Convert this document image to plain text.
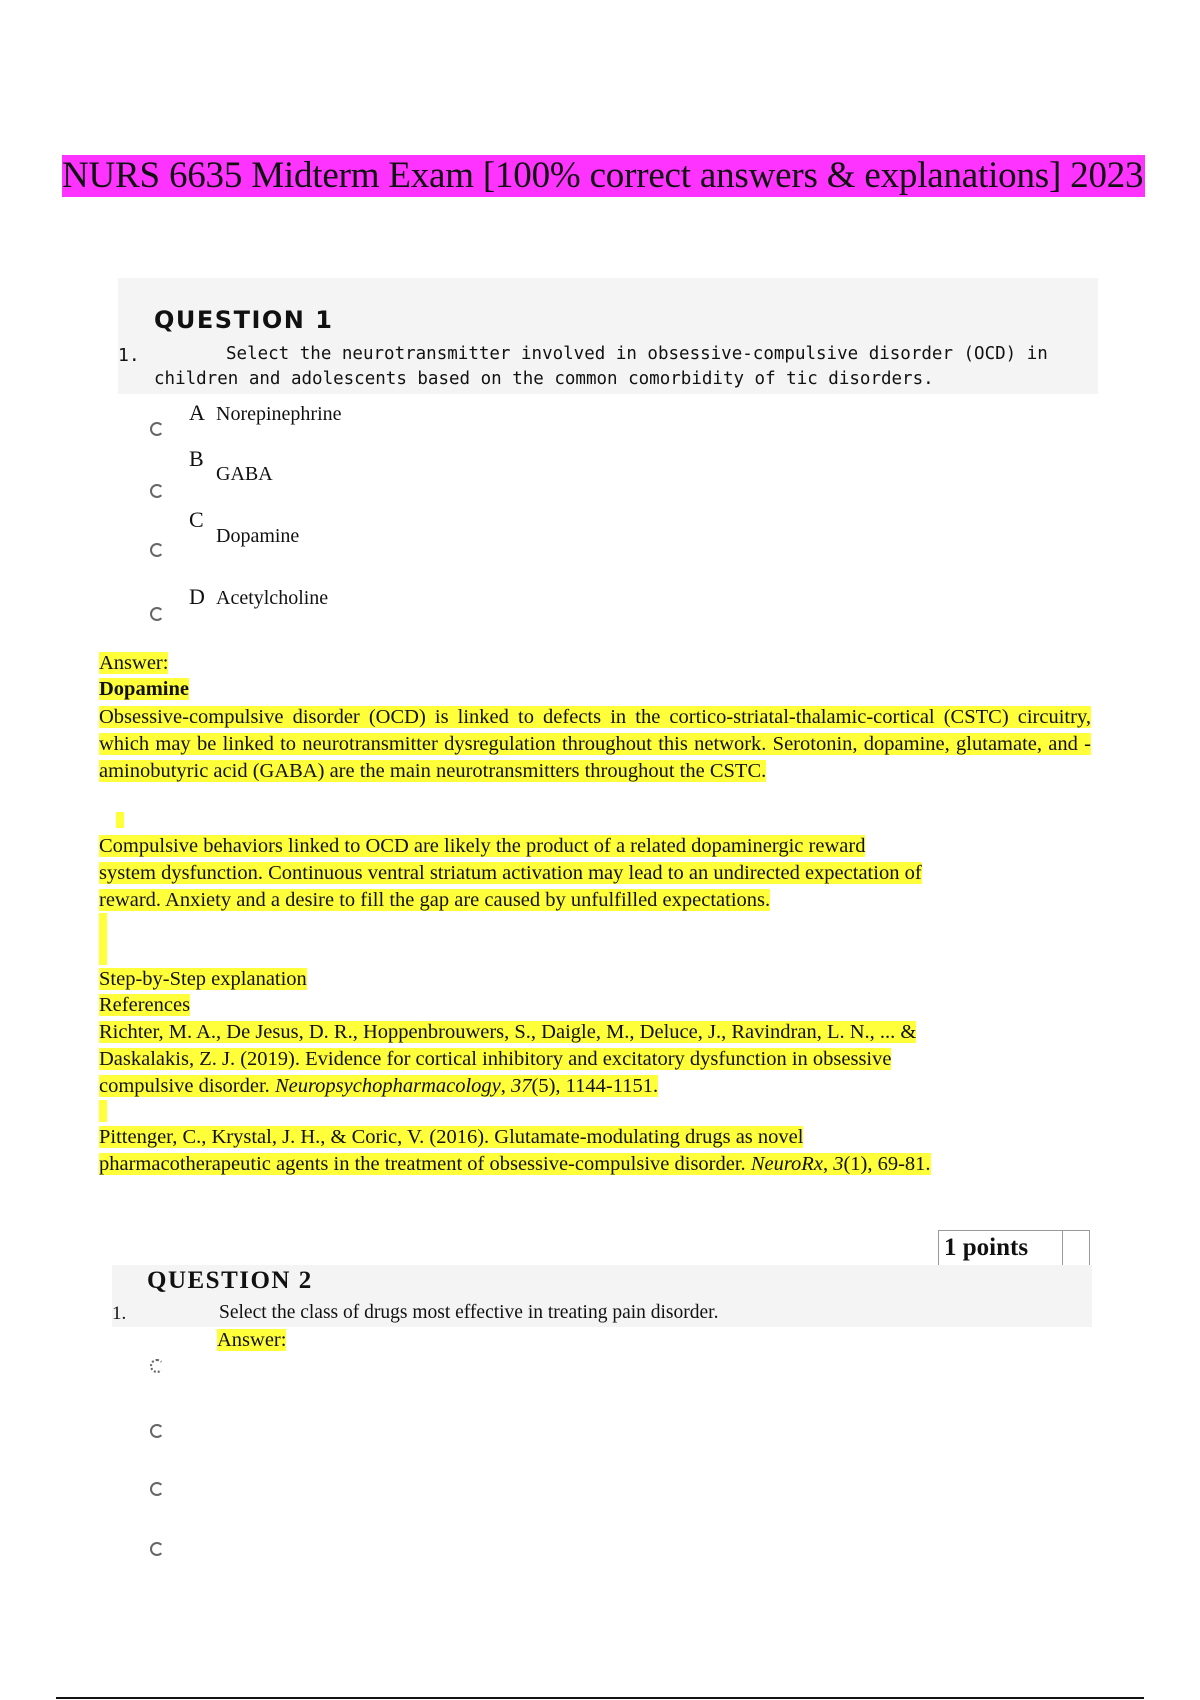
NURS 6635 Midterm Exam [100% correct answers & explanations] 2023
QUESTION 1
1.	Select the neurotransmitter involved in obsessive-compulsive disorder (OCD) in
children and adolescents based on the common comorbidity of tic disorders.
A Norepinephrine
B
GABA
C
Dopamine
D Acetylcholine
Answer:
Dopamine
Obsessive-compulsive disorder (OCD) is linked to defects in the cortico-striatal-thalamic-cortical (CSTC) circuitry, which may be linked to neurotransmitter dysregulation throughout this network. Serotonin, dopamine, glutamate, and -aminobutyric acid (GABA) are the main neurotransmitters throughout the CSTC.
Compulsive behaviors linked to OCD are likely the product of a related dopaminergic reward
system dysfunction. Continuous ventral striatum activation may lead to an undirected expectation of
reward. Anxiety and a desire to fill the gap are caused by unfulfilled expectations.
Step-by-Step explanation
References
Richter, M. A., De Jesus, D. R., Hoppenbrouwers, S., Daigle, M., Deluce, J., Ravindran, L. N., ... &
Daskalakis, Z. J. (2019). Evidence for cortical inhibitory and excitatory dysfunction in obsessive
compulsive disorder. Neuropsychopharmacology, 37(5), 1144-1151.
Pittenger, C., Krystal, J. H., & Coric, V. (2016). Glutamate-modulating drugs as novel
pharmacotherapeutic agents in the treatment of obsessive-compulsive disorder. NeuroRx, 3(1), 69-81.
1 points
QUESTION 2
1.	Select the class of drugs most effective in treating pain disorder.
Answer:
